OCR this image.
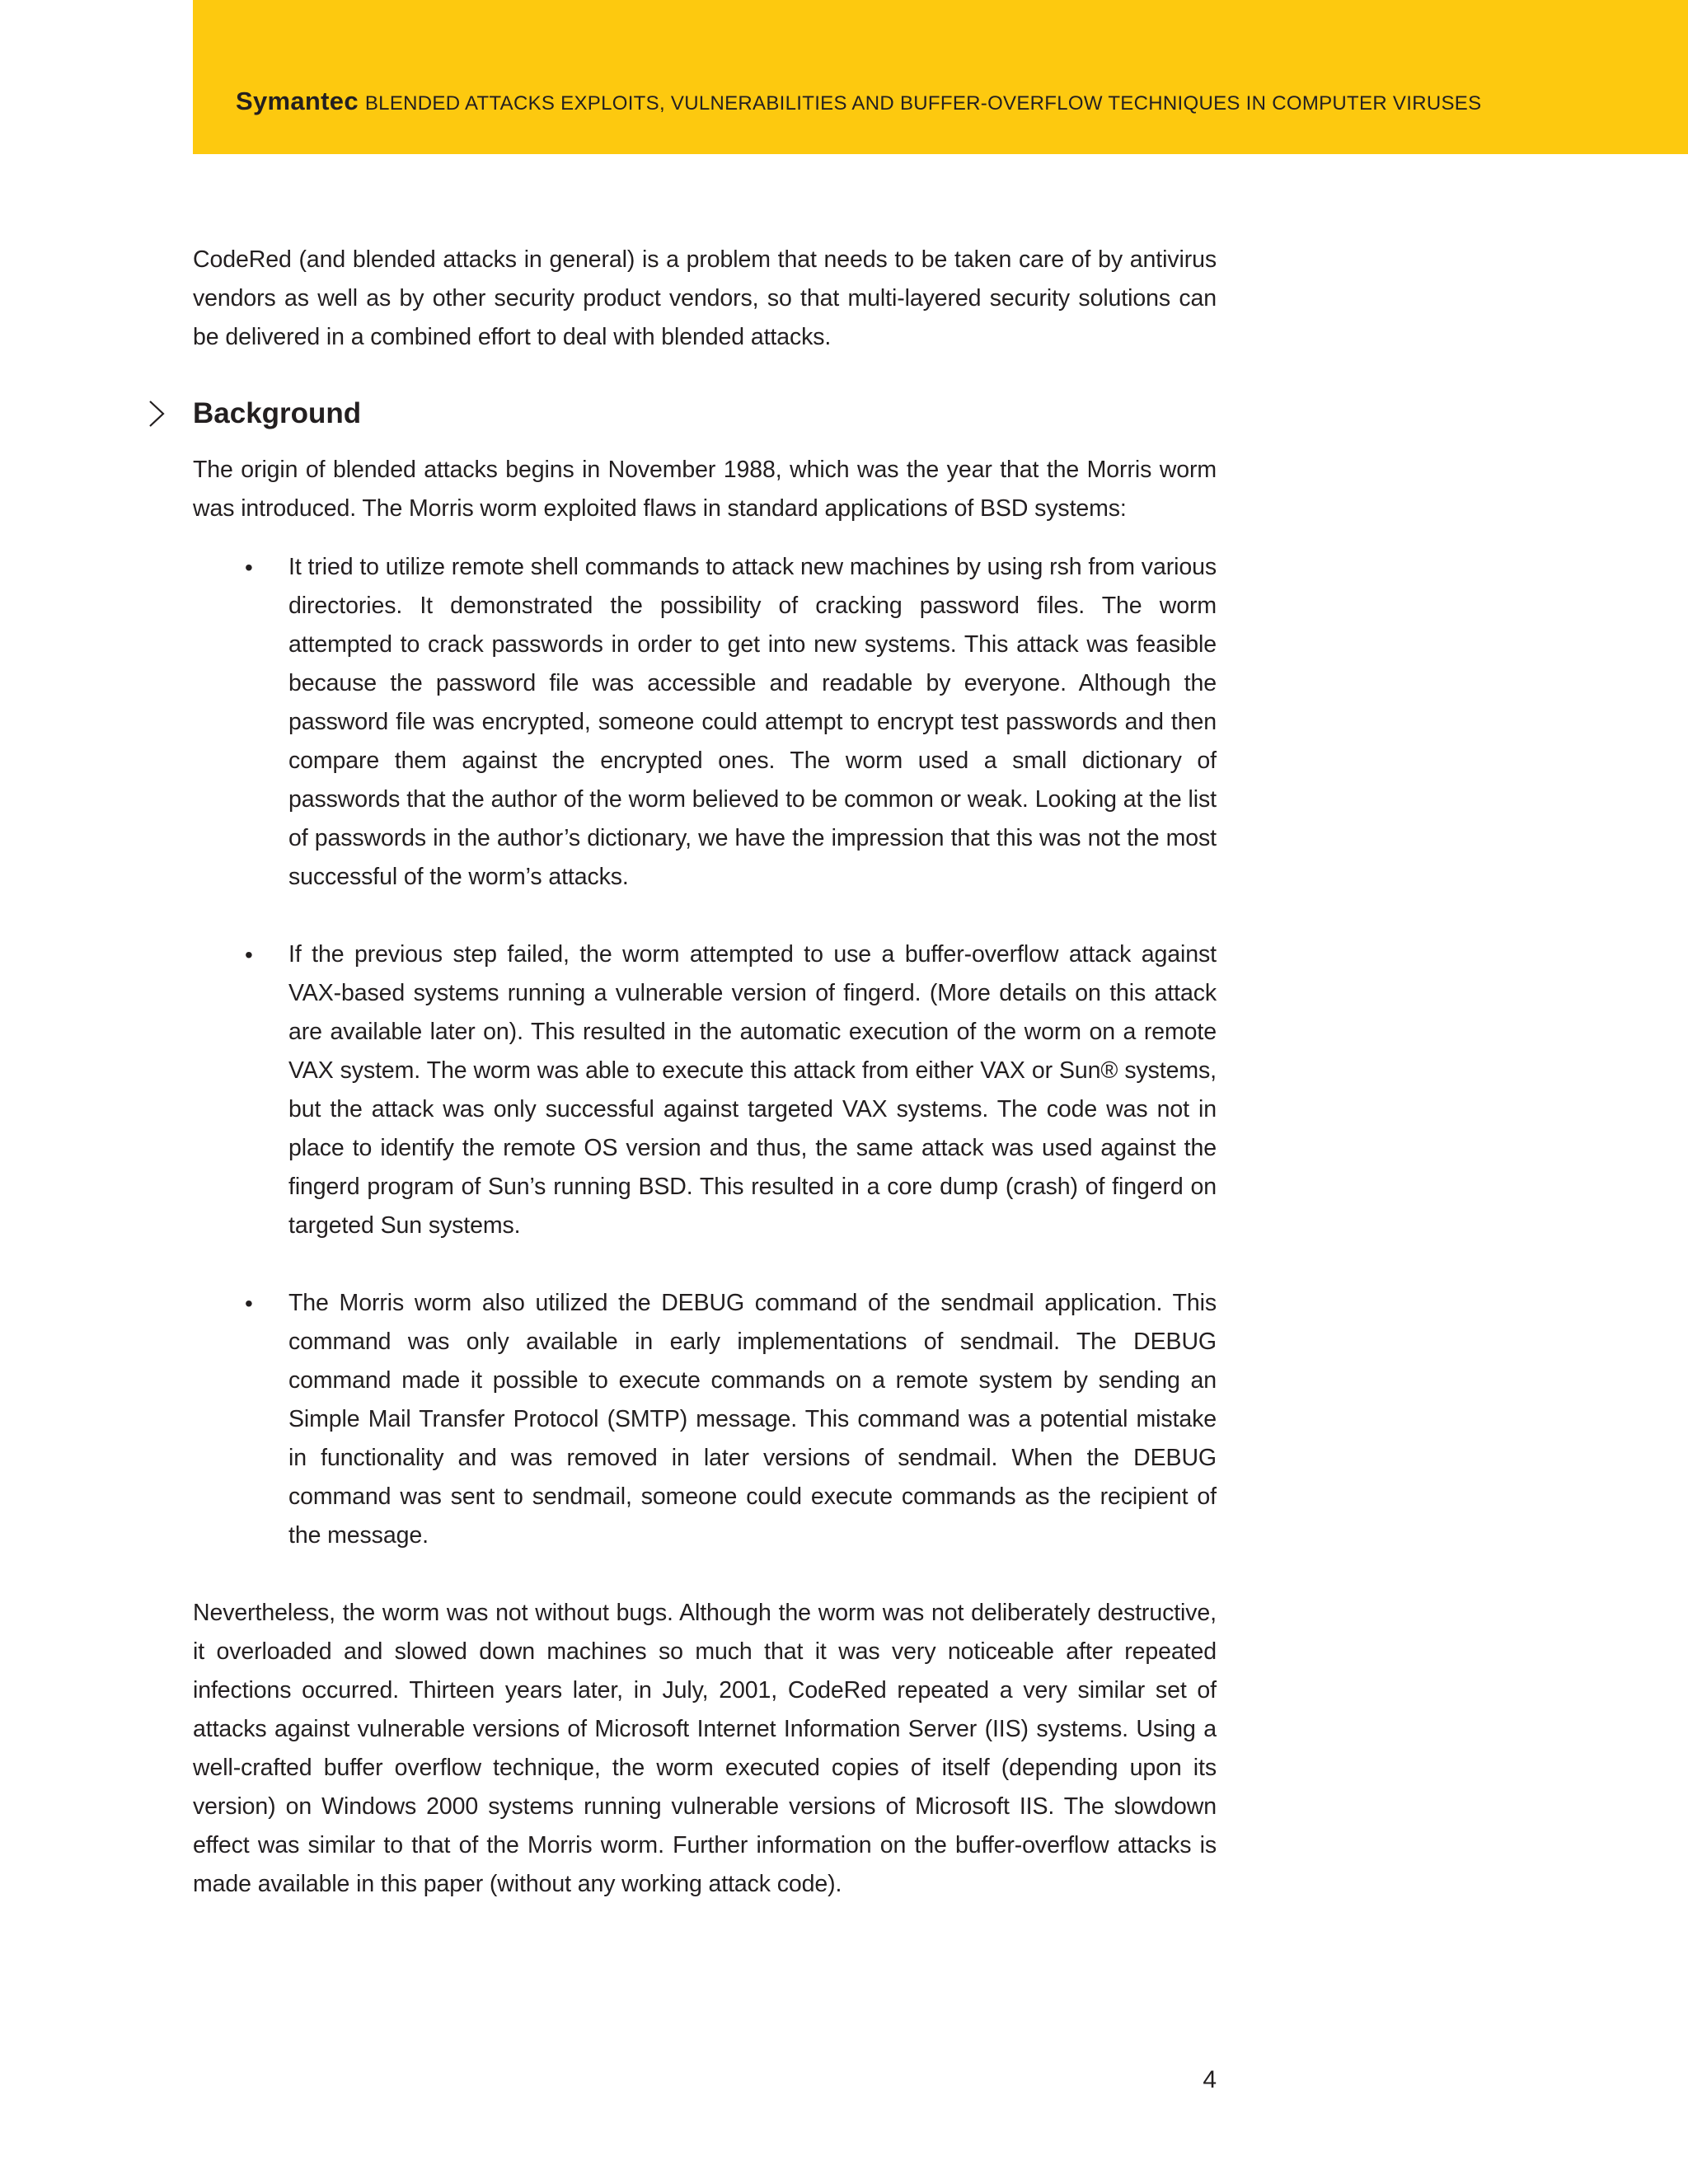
Symantec BLENDED ATTACKS EXPLOITS, VULNERABILITIES AND BUFFER-OVERFLOW TECHNIQUES IN COMPUTER VIRUSES

CodeRed (and blended attacks in general) is a problem that needs to be taken care of by antivirus vendors as well as by other security product vendors, so that multi-layered security solutions can be delivered in a combined effort to deal with blended attacks.

Background

The origin of blended attacks begins in November 1988, which was the year that the Morris worm was introduced. The Morris worm exploited flaws in standard applications of BSD systems:

• It tried to utilize remote shell commands to attack new machines by using rsh from various directories. It demonstrated the possibility of cracking password files. The worm attempted to crack passwords in order to get into new systems. This attack was feasible because the password file was accessible and readable by everyone. Although the password file was encrypted, someone could attempt to encrypt test passwords and then compare them against the encrypted ones. The worm used a small dictionary of passwords that the author of the worm believed to be common or weak. Looking at the list of passwords in the author’s dictionary, we have the impression that this was not the most successful of the worm’s attacks.

• If the previous step failed, the worm attempted to use a buffer-overflow attack against VAX-based systems running a vulnerable version of fingerd. (More details on this attack are available later on). This resulted in the automatic execution of the worm on a remote VAX system. The worm was able to execute this attack from either VAX or Sun® systems, but the attack was only successful against targeted VAX systems. The code was not in place to identify the remote OS version and thus, the same attack was used against the fingerd program of Sun’s running BSD. This resulted in a core dump (crash) of fingerd on targeted Sun systems.

• The Morris worm also utilized the DEBUG command of the sendmail application. This command was only available in early implementations of sendmail. The DEBUG command made it possible to execute commands on a remote system by sending an Simple Mail Transfer Protocol (SMTP) message. This command was a potential mistake in functionality and was removed in later versions of sendmail. When the DEBUG command was sent to sendmail, someone could execute commands as the recipient of the message.

Nevertheless, the worm was not without bugs. Although the worm was not deliberately destructive, it overloaded and slowed down machines so much that it was very noticeable after repeated infections occurred. Thirteen years later, in July, 2001, CodeRed repeated a very similar set of attacks against vulnerable versions of Microsoft Internet Information Server (IIS) systems. Using a well-crafted buffer overflow technique, the worm executed copies of itself (depending upon its version) on Windows 2000 systems running vulnerable versions of Microsoft IIS. The slowdown effect was similar to that of the Morris worm. Further information on the buffer-overflow attacks is made available in this paper (without any working attack code).

4
